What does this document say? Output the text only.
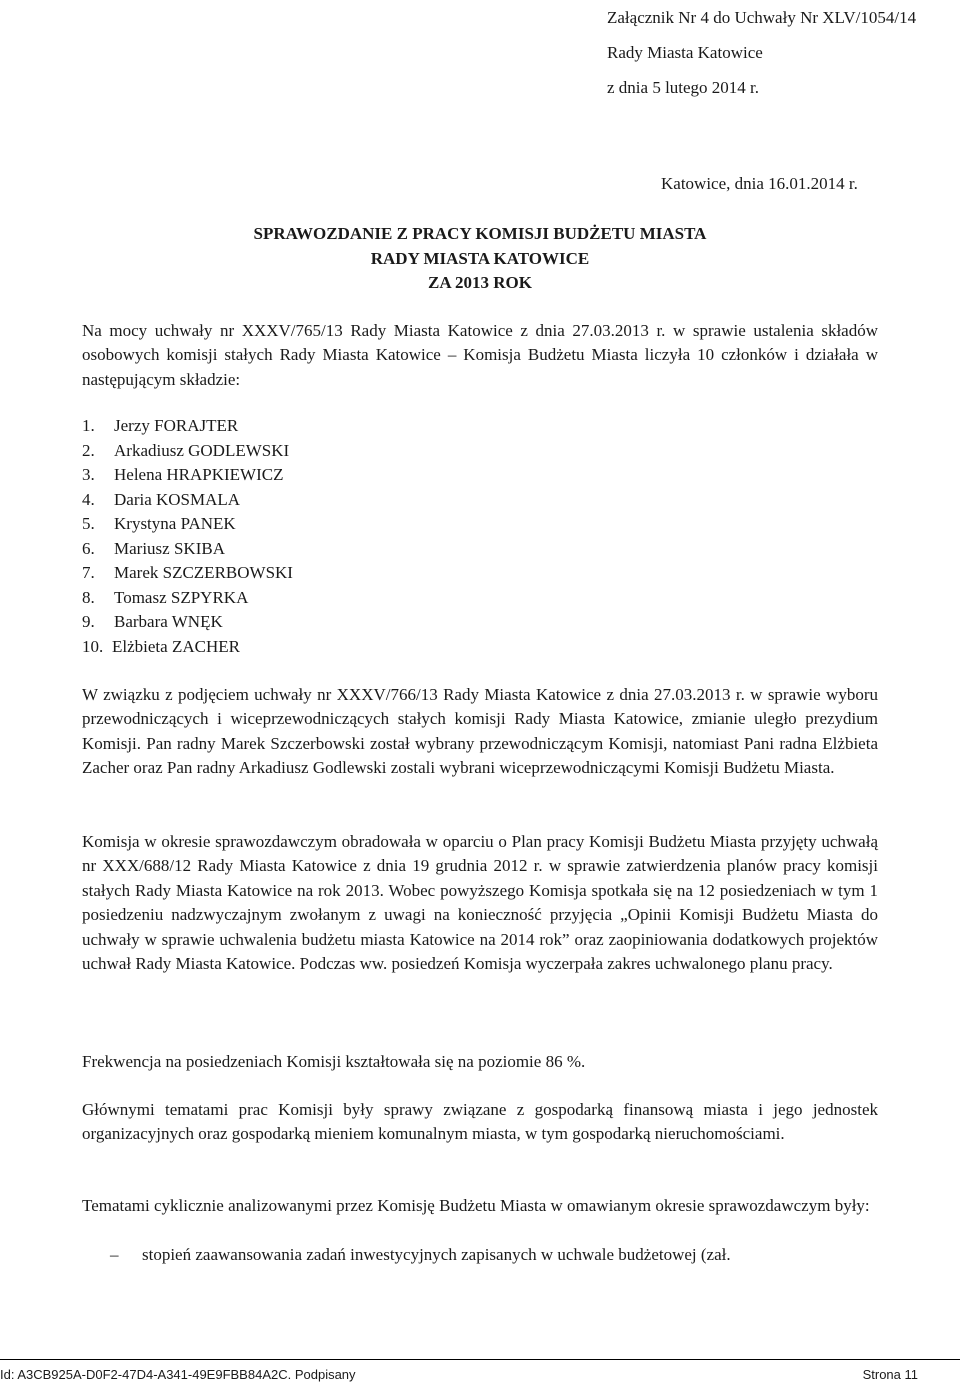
Załącznik Nr 4 do Uchwały Nr XLV/1054/14
Rady Miasta Katowice
z dnia 5 lutego 2014 r.
Katowice, dnia 16.01.2014 r.
SPRAWOZDANIE Z PRACY KOMISJI BUDŻETU MIASTA
RADY MIASTA KATOWICE
ZA 2013 ROK
Na mocy uchwały nr XXXV/765/13 Rady Miasta Katowice z dnia 27.03.2013 r. w sprawie ustalenia składów osobowych komisji stałych Rady Miasta Katowice – Komisja Budżetu Miasta liczyła 10 członków i działała w następującym składzie:
1. Jerzy FORAJTER
2. Arkadiusz GODLEWSKI
3. Helena HRAPKIEWICZ
4. Daria KOSMALA
5. Krystyna PANEK
6. Mariusz SKIBA
7. Marek SZCZERBOWSKI
8. Tomasz SZPYRKA
9. Barbara WNĘK
10. Elżbieta ZACHER
W związku z podjęciem uchwały nr XXXV/766/13 Rady Miasta Katowice z dnia 27.03.2013 r. w sprawie wyboru przewodniczących i wiceprzewodniczących stałych komisji Rady Miasta Katowice, zmianie uległo prezydium Komisji. Pan radny Marek Szczerbowski został wybrany przewodniczącym Komisji, natomiast Pani radna Elżbieta Zacher oraz Pan radny Arkadiusz Godlewski zostali wybrani wiceprzewodniczącymi Komisji Budżetu Miasta.
Komisja w okresie sprawozdawczym obradowała w oparciu o Plan pracy Komisji Budżetu Miasta przyjęty uchwałą nr XXX/688/12 Rady Miasta Katowice z dnia 19 grudnia 2012 r. w sprawie zatwierdzenia planów pracy komisji stałych Rady Miasta Katowice na rok 2013. Wobec powyższego Komisja spotkała się na 12 posiedzeniach w tym 1 posiedzeniu nadzwyczajnym zwołanym z uwagi na konieczność przyjęcia „Opinii Komisji Budżetu Miasta do uchwały w sprawie uchwalenia budżetu miasta Katowice na 2014 rok” oraz zaopiniowania dodatkowych projektów uchwał Rady Miasta Katowice. Podczas ww. posiedzeń Komisja wyczerpała zakres uchwalonego planu pracy.
Frekwencja na posiedzeniach Komisji kształtowała się na poziomie 86 %.
Głównymi tematami prac Komisji były sprawy związane z gospodarką finansową miasta i jego jednostek organizacyjnych oraz gospodarką mieniem komunalnym miasta, w tym gospodarką nieruchomościami.
Tematami cyklicznie analizowanymi przez Komisję Budżetu Miasta w omawianym okresie sprawozdawczym były:
– stopień zaawansowania zadań inwestycyjnych zapisanych w uchwale budżetowej (zał.
Id: A3CB925A-D0F2-47D4-A341-49E9FBB84A2C. Podpisany	Strona 11
